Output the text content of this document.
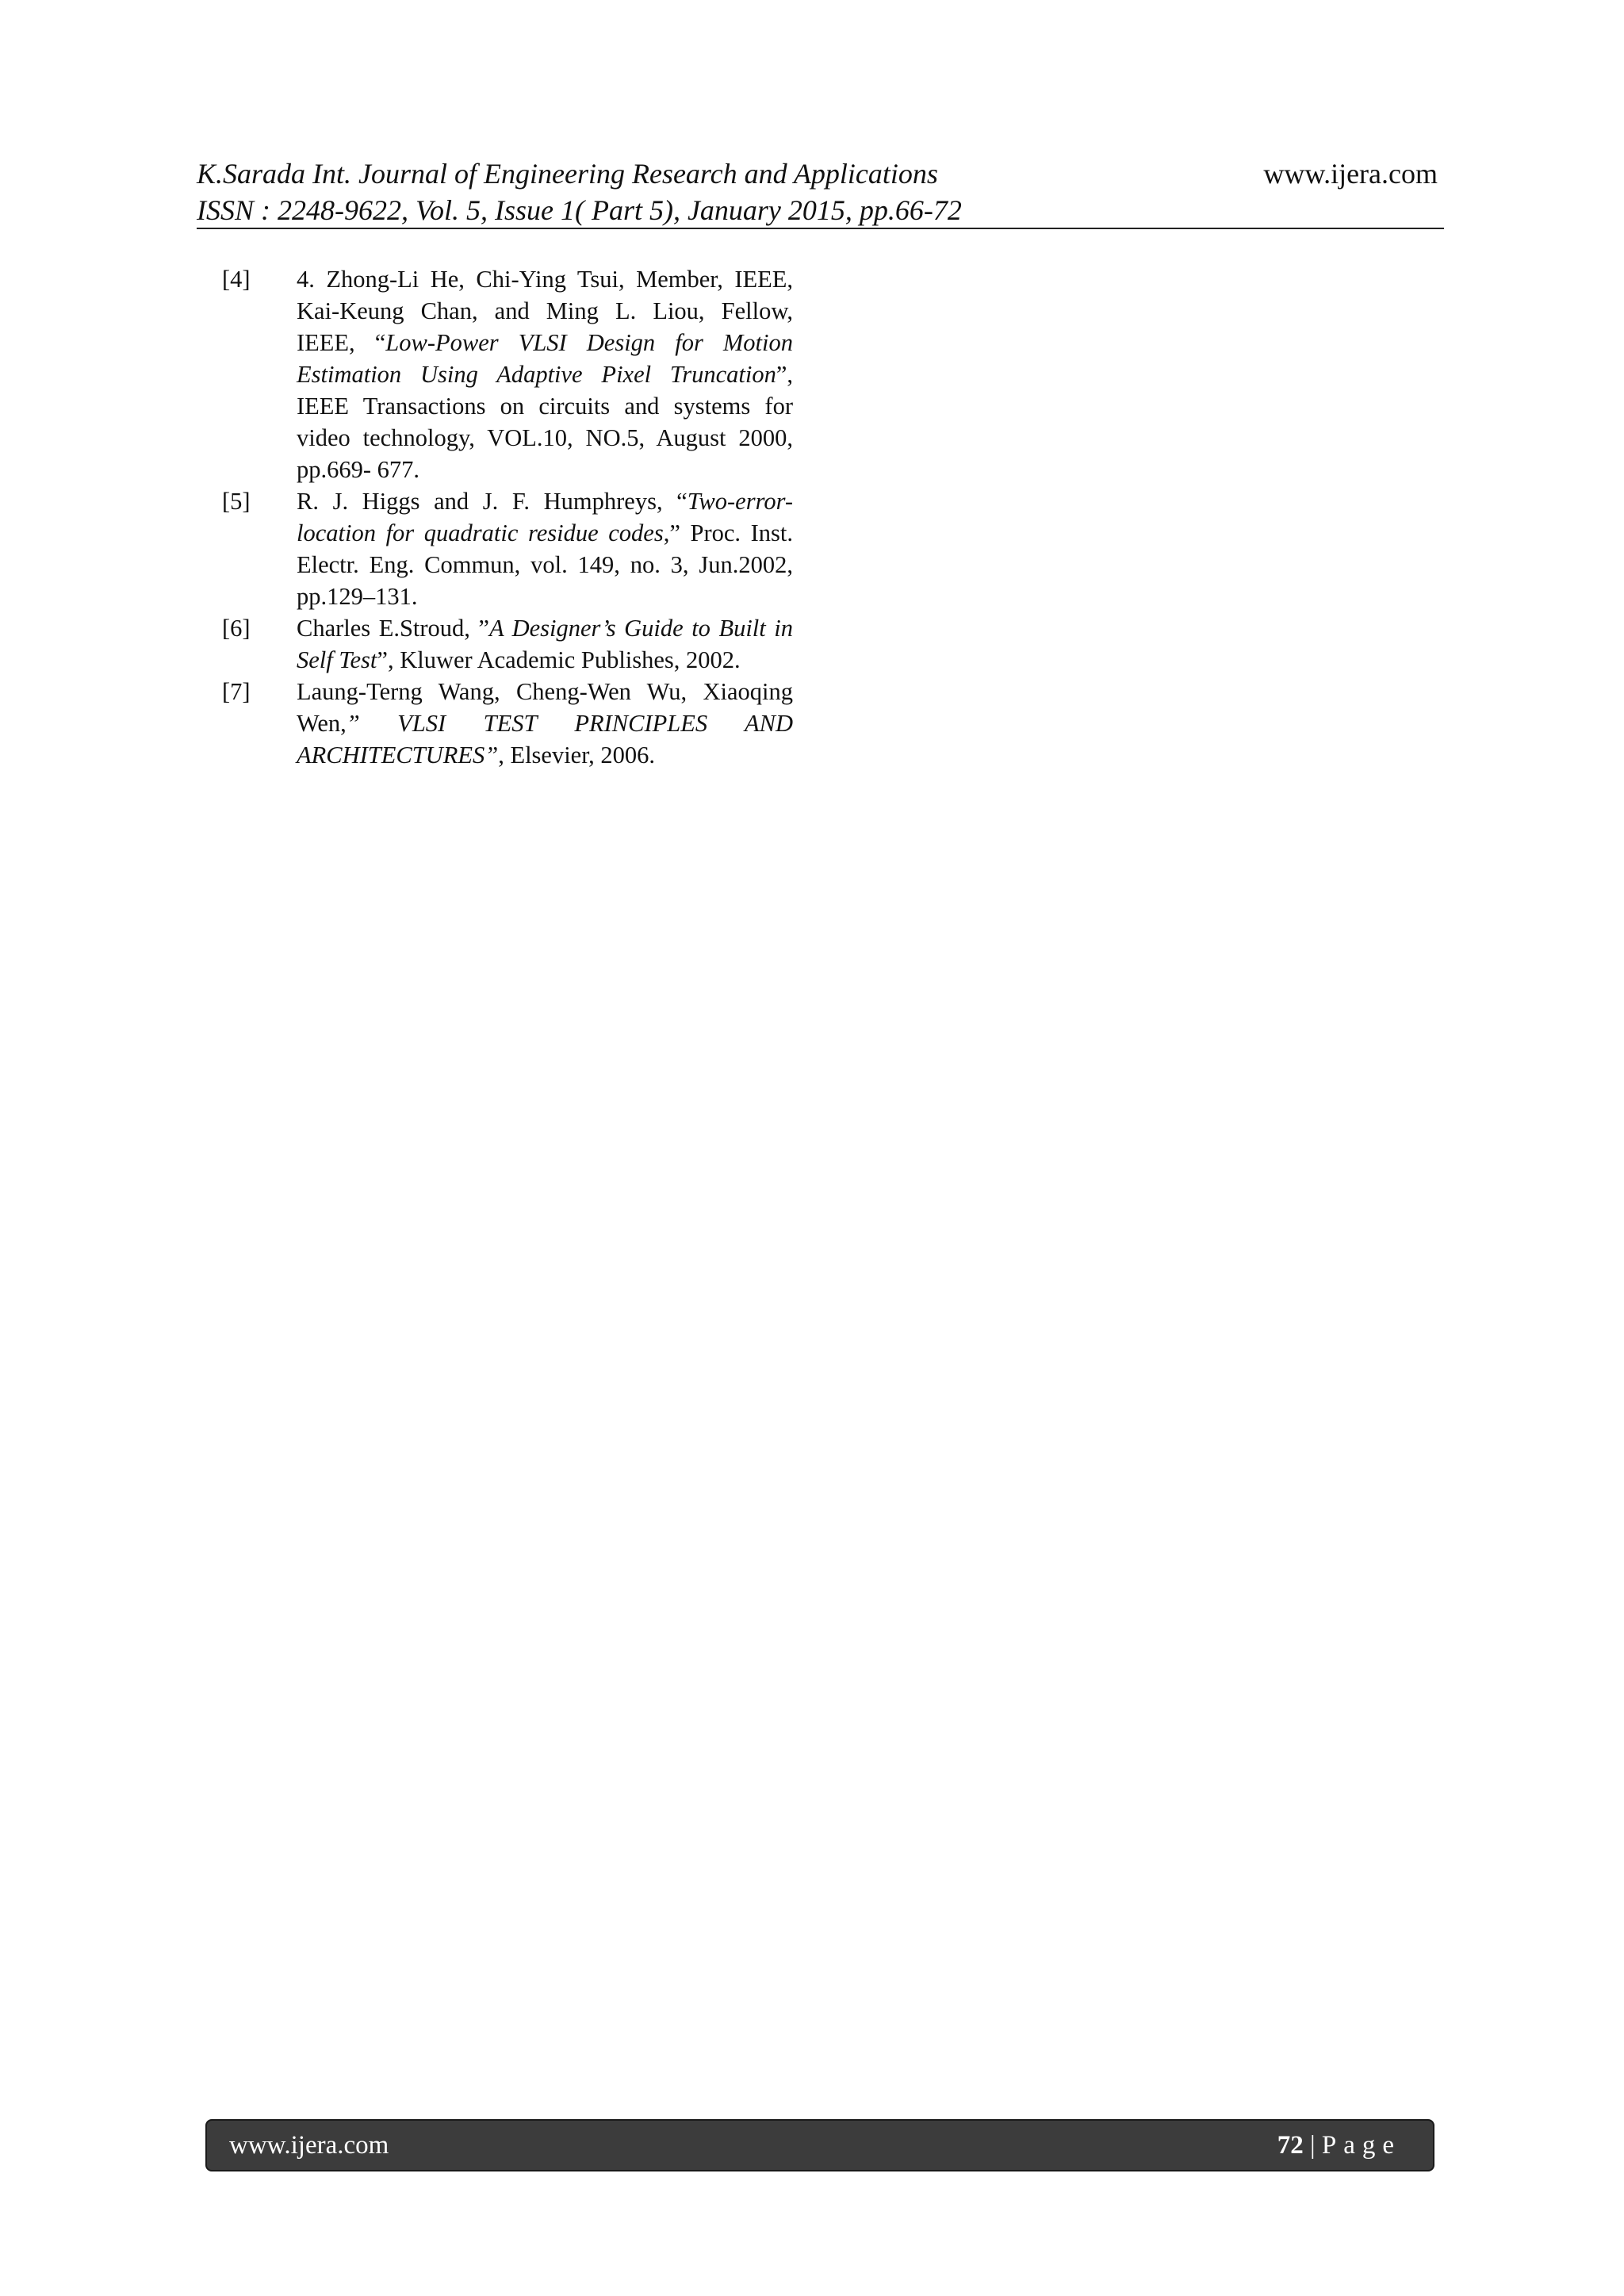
K.Sarada Int. Journal of Engineering Research and Applications	www.ijera.com
ISSN : 2248-9622, Vol. 5, Issue 1( Part 5), January 2015, pp.66-72
[4] 4. Zhong-Li He, Chi-Ying Tsui, Member, IEEE, Kai-Keung Chan, and Ming L. Liou, Fellow, IEEE, “Low-Power VLSI Design for Motion Estimation Using Adaptive Pixel Truncation”, IEEE Transactions on circuits and systems for video technology, VOL.10, NO.5, August 2000, pp.669- 677.
[5] R. J. Higgs and J. F. Humphreys, “Two-error-location for quadratic residue codes,” Proc. Inst. Electr. Eng. Commun, vol. 149, no. 3, Jun.2002, pp.129–131.
[6] Charles E.Stroud, ”A Designer’s Guide to Built in Self Test”, Kluwer Academic Publishes, 2002.
[7] Laung-Terng Wang, Cheng-Wen Wu, Xiaoqing Wen,” VLSI TEST PRINCIPLES AND ARCHITECTURES”, Elsevier, 2006.
www.ijera.com	72 | Page
